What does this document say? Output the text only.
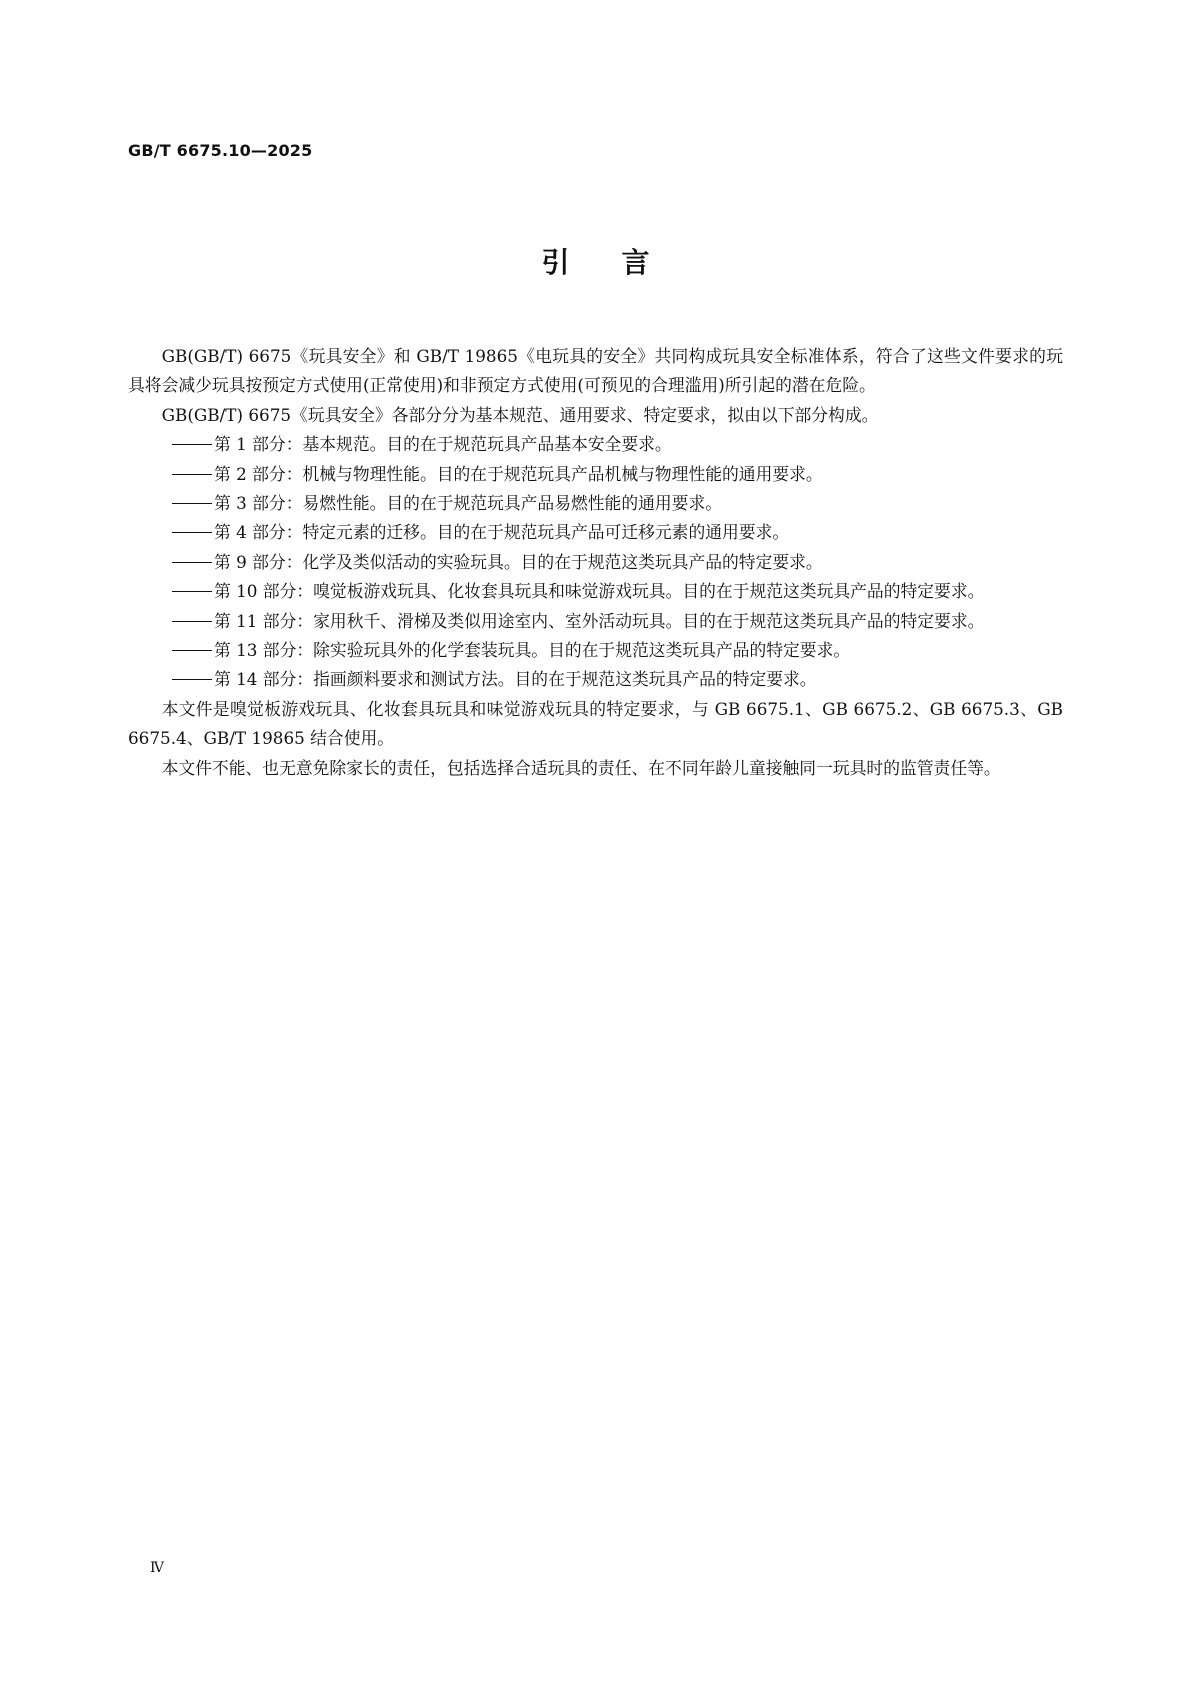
GB/T 6675.10—2025
引言

GB(GB/T) 6675《玩具安全》和 GB/T 19865《电玩具的安全》共同构成玩具安全标准体系，符合了这些文件要求的玩具将会减少玩具按预定方式使用(正常使用)和非预定方式使用(可预见的合理滥用)所引起的潜在危险。

GB(GB/T) 6675《玩具安全》各部分分为基本规范、通用要求、特定要求，拟由以下部分构成。

第 1 部分：基本规范。目的在于规范玩具产品基本安全要求。
第 2 部分：机械与物理性能。目的在于规范玩具产品机械与物理性能的通用要求。
第 3 部分：易燃性能。目的在于规范玩具产品易燃性能的通用要求。
第 4 部分：特定元素的迁移。目的在于规范玩具产品可迁移元素的通用要求。
第 9 部分：化学及类似活动的实验玩具。目的在于规范这类玩具产品的特定要求。
第 10 部分：嗅觉板游戏玩具、化妆套具玩具和味觉游戏玩具。目的在于规范这类玩具产品的特定要求。
第 11 部分：家用秋千、滑梯及类似用途室内、室外活动玩具。目的在于规范这类玩具产品的特定要求。
第 13 部分：除实验玩具外的化学套装玩具。目的在于规范这类玩具产品的特定要求。
第 14 部分：指画颜料要求和测试方法。目的在于规范这类玩具产品的特定要求。

本文件是嗅觉板游戏玩具、化妆套具玩具和味觉游戏玩具的特定要求，与 GB 6675.1、GB 6675.2、GB 6675.3、GB 6675.4、GB/T 19865 结合使用。

本文件不能、也无意免除家长的责任，包括选择合适玩具的责任、在不同年龄儿童接触同一玩具时的监管责任等。

Ⅳ
